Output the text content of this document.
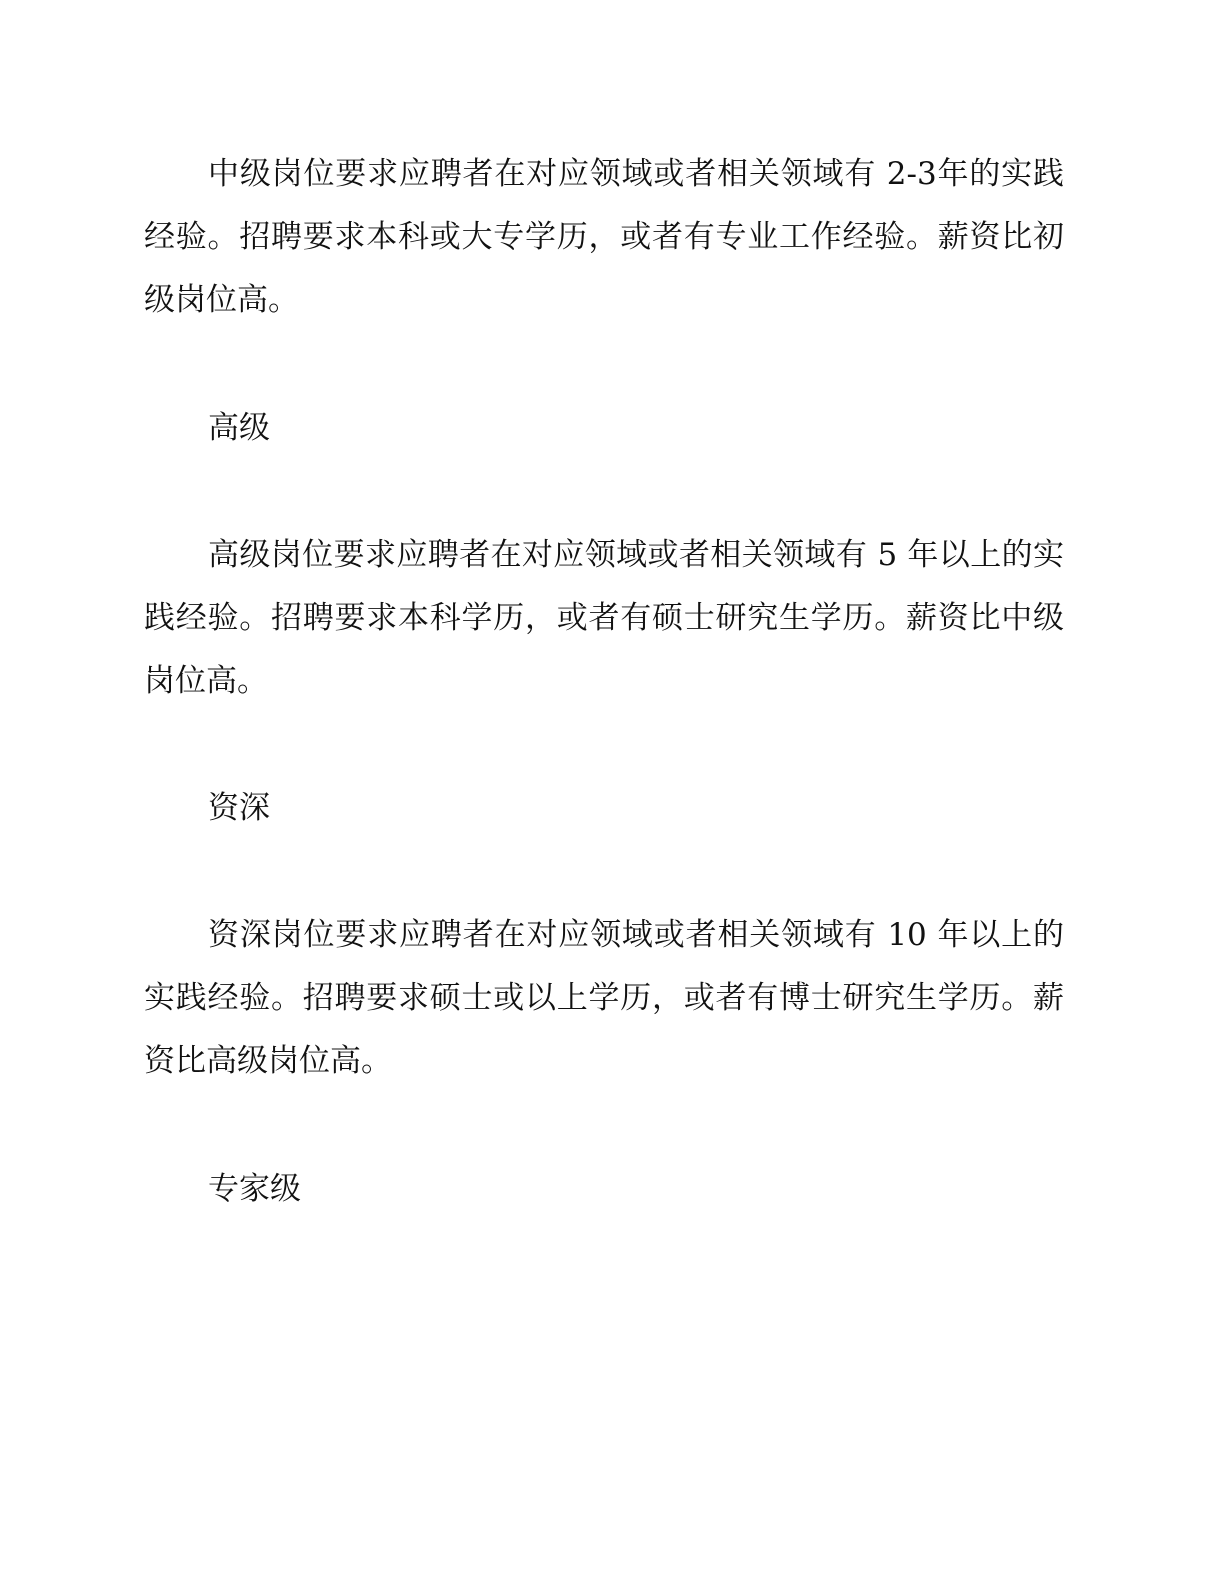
中级岗位要求应聘者在对应领域或者相关领域有 2-3年的实践经验。招聘要求本科或大专学历，或者有专业工作经验。薪资比初级岗位高。

高级

高级岗位要求应聘者在对应领域或者相关领域有 5 年以上的实践经验。招聘要求本科学历，或者有硕士研究生学历。薪资比中级岗位高。

资深

资深岗位要求应聘者在对应领域或者相关领域有 10 年以上的实践经验。招聘要求硕士或以上学历，或者有博士研究生学历。薪资比高级岗位高。

专家级
